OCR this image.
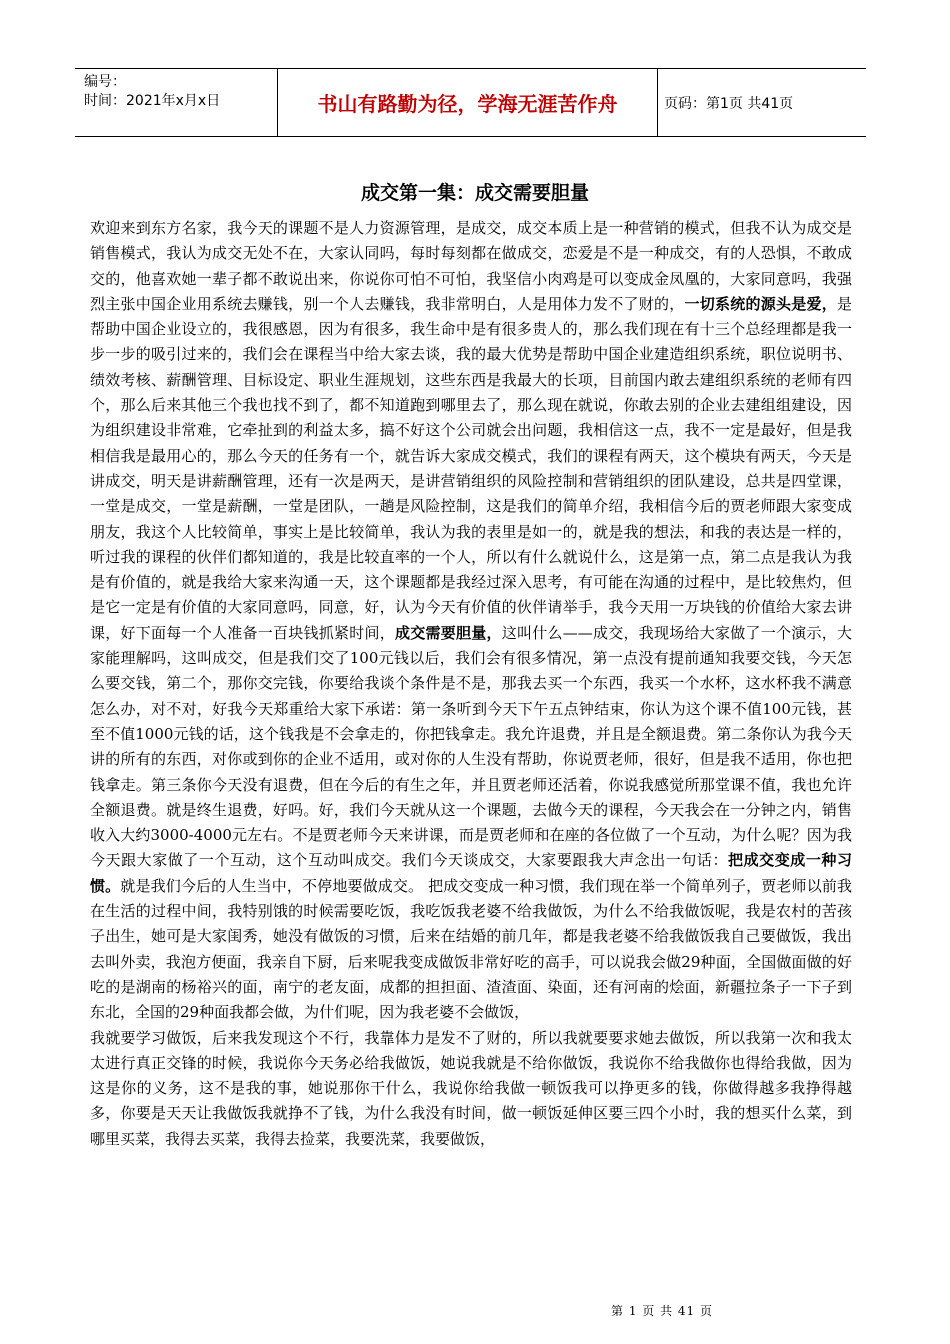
编号：
时间：2021年x月x日	书山有路勤为径，学海无涯苦作舟	页码：第1页 共41页
成交第一集：成交需要胆量

欢迎来到东方名家，我今天的课题不是人力资源管理，是成交，成交本质上是一种营销的模式，但我不认为成交是销售模式，我认为成交无处不在，大家认同吗，每时每刻都在做成交，恋爱是不是一种成交，有的人恐惧，不敢成交的，他喜欢她一辈子都不敢说出来，你说你可怕不可怕，我坚信小肉鸡是可以变成金凤凰的，大家同意吗，我强烈主张中国企业用系统去赚钱，别一个人去赚钱，我非常明白，人是用体力发不了财的，一切系统的源头是爱，是帮助中国企业设立的，我很感恩，因为有很多，我生命中是有很多贵人的，那么我们现在有十三个总经理都是我一步一步的吸引过来的，我们会在课程当中给大家去谈，我的最大优势是帮助中国企业建造组织系统，职位说明书、绩效考核、薪酬管理、目标设定、职业生涯规划，这些东西是我最大的长项，目前国内敢去建组织系统的老师有四个，那么后来其他三个我也找不到了，都不知道跑到哪里去了，那么现在就说，你敢去别的企业去建组组建设，因为组织建设非常难，它牵扯到的利益太多，搞不好这个公司就会出问题，我相信这一点，我不一定是最好，但是我相信我是最用心的，那么今天的任务有一个，就告诉大家成交模式，我们的课程有两天，这个模块有两天，今天是讲成交，明天是讲薪酬管理，还有一次是两天，是讲营销组织的风险控制和营销组织的团队建设，总共是四堂课，一堂是成交，一堂是薪酬，一堂是团队，一趟是风险控制，这是我们的简单介绍，我相信今后的贾老师跟大家变成朋友，我这个人比较简单，事实上是比较简单，我认为我的表里是如一的，就是我的想法，和我的表达是一样的，听过我的课程的伙伴们都知道的，我是比较直率的一个人，所以有什么就说什么，这是第一点，第二点是我认为我是有价值的，就是我给大家来沟通一天，这个课题都是我经过深入思考，有可能在沟通的过程中，是比较焦灼，但是它一定是有价值的大家同意吗，同意，好，认为今天有价值的伙伴请举手，我今天用一万块钱的价值给大家去讲课，好下面每一个人准备一百块钱抓紧时间，成交需要胆量，这叫什么——成交，我现场给大家做了一个演示，大家能理解吗，这叫成交，但是我们交了100元钱以后，我们会有很多情况，第一点没有提前通知我要交钱，今天怎么要交钱，第二个，那你交完钱，你要给我谈个条件是不是，那我去买一个东西，我买一个水杯，这水杯我不满意怎么办，对不对，好我今天郑重给大家下承诺：第一条听到今天下午五点钟结束，你认为这个课不值100元钱，甚至不值1000元钱的话，这个钱我是不会拿走的，你把钱拿走。我允许退费，并且是全额退费。第二条你认为我今天讲的所有的东西，对你或到你的企业不适用，或对你的人生没有帮助，你说贾老师，很好，但是我不适用，你也把钱拿走。第三条你今天没有退费，但在今后的有生之年，并且贾老师还活着，你说我感觉所那堂课不值，我也允许全额退费。就是终生退费，好吗。好，我们今天就从这一个课题，去做今天的课程，今天我会在一分钟之内，销售收入大约3000-4000元左右。不是贾老师今天来讲课，而是贾老师和在座的各位做了一个互动，为什么呢？因为我今天跟大家做了一个互动，这个互动叫成交。我们今天谈成交，大家要跟我大声念出一句话：把成交变成一种习惯。就是我们今后的人生当中，不停地要做成交。 把成交变成一种习惯，我们现在举一个简单列子，贾老师以前我在生活的过程中间，我特别饿的时候需要吃饭，我吃饭我老婆不给我做饭，为什么不给我做饭呢，我是农村的苦孩子出生，她可是大家闺秀，她没有做饭的习惯，后来在结婚的前几年，都是我老婆不给我做饭我自己要做饭，我出去叫外卖，我泡方便面，我亲自下厨，后来呢我变成做饭非常好吃的高手，可以说我会做29种面，全国做面做的好吃的是湖南的杨裕兴的面，南宁的老友面，成都的担担面、渣渣面、染面，还有河南的烩面，新疆拉条子一下子到东北，全国的29种面我都会做，为什们呢，因为我老婆不会做饭，

我就要学习做饭，后来我发现这个不行，我靠体力是发不了财的，所以我就要要求她去做饭，所以我第一次和我太太进行真正交锋的时候，我说你今天务必给我做饭，她说我就是不给你做饭，我说你不给我做你也得给我做，因为这是你的义务，这不是我的事，她说那你干什么，我说你给我做一顿饭我可以挣更多的钱，你做得越多我挣得越多，你要是天天让我做饭我就挣不了钱，为什么我没有时间，做一顿饭延伸区要三四个小时，我的想买什么菜，到哪里买菜，我得去买菜，我得去捡菜，我要洗菜，我要做饭，

第 1 页 共 41 页
